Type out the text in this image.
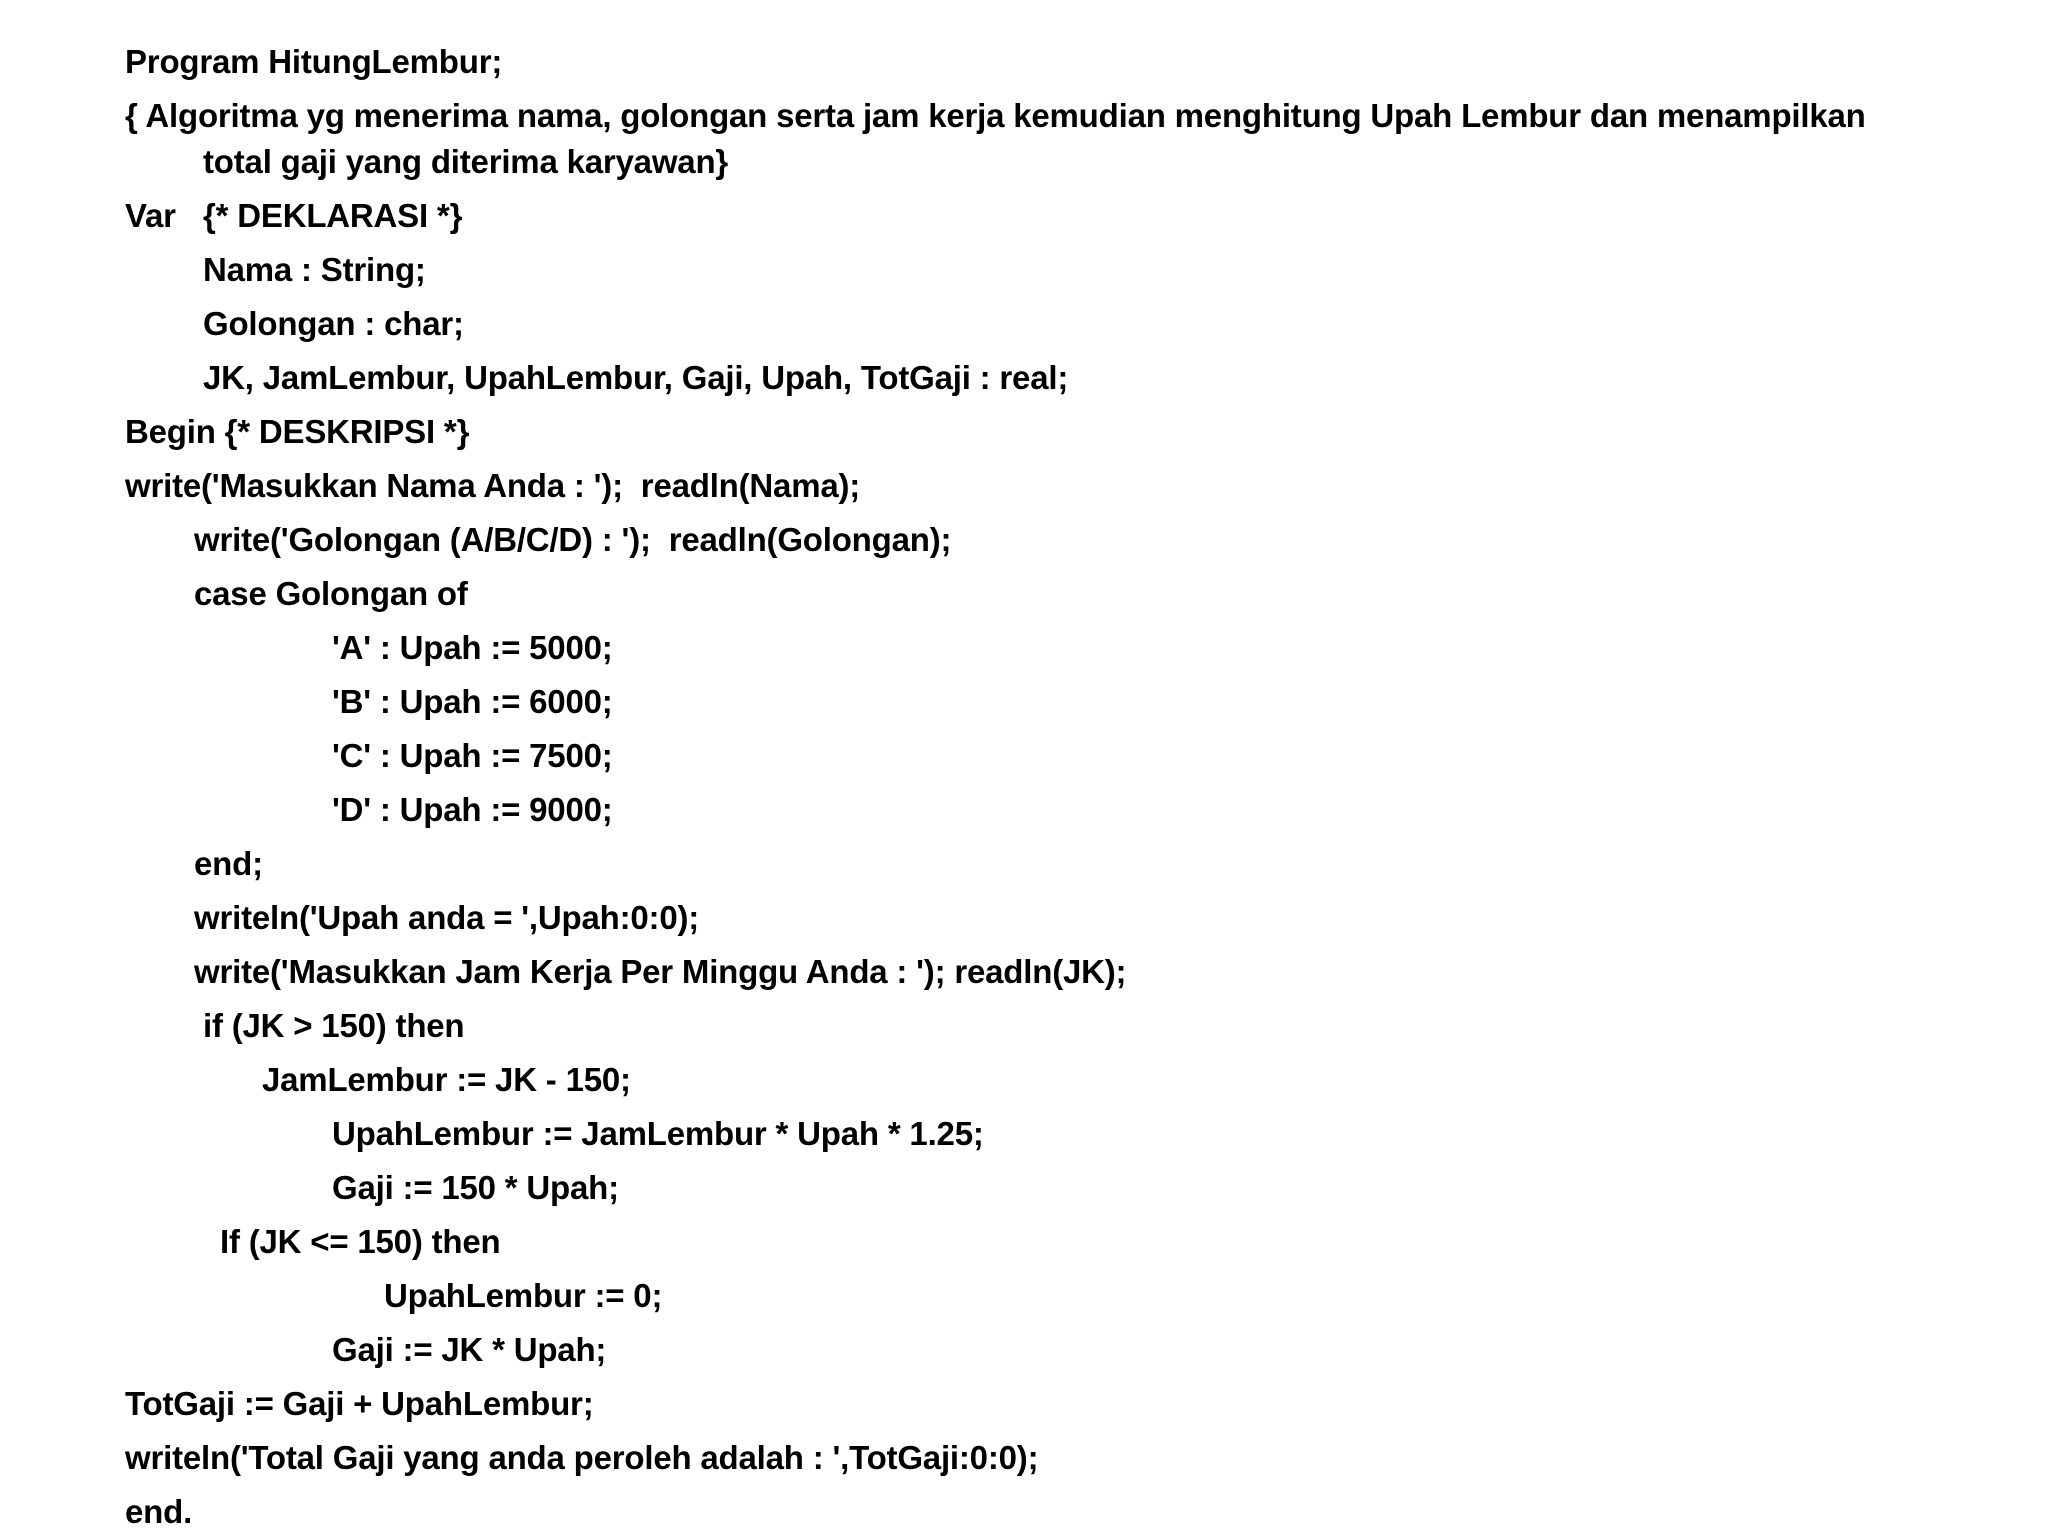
Program HitungLembur;
{ Algoritma yg menerima nama, golongan serta jam kerja kemudian menghitung Upah Lembur dan menampilkan
total gaji yang diterima karyawan}
Var {* DEKLARASI *}
Nama : String;
Golongan : char;
JK, JamLembur, UpahLembur, Gaji, Upah, TotGaji : real;
Begin {* DESKRIPSI *}
write('Masukkan Nama Anda : ');  readln(Nama);
write('Golongan (A/B/C/D) : ');  readln(Golongan);
case Golongan of
'A' : Upah := 5000;
'B' : Upah := 6000;
'C' : Upah := 7500;
'D' : Upah := 9000;
end;
writeln('Upah anda = ',Upah:0:0);
write('Masukkan Jam Kerja Per Minggu Anda : '); readln(JK);
if (JK > 150) then
JamLembur := JK - 150;
UpahLembur := JamLembur * Upah * 1.25;
Gaji := 150 * Upah;
If (JK <= 150) then
UpahLembur := 0;
Gaji := JK * Upah;
TotGaji := Gaji + UpahLembur;
writeln('Total Gaji yang anda peroleh adalah : ',TotGaji:0:0);
end.
